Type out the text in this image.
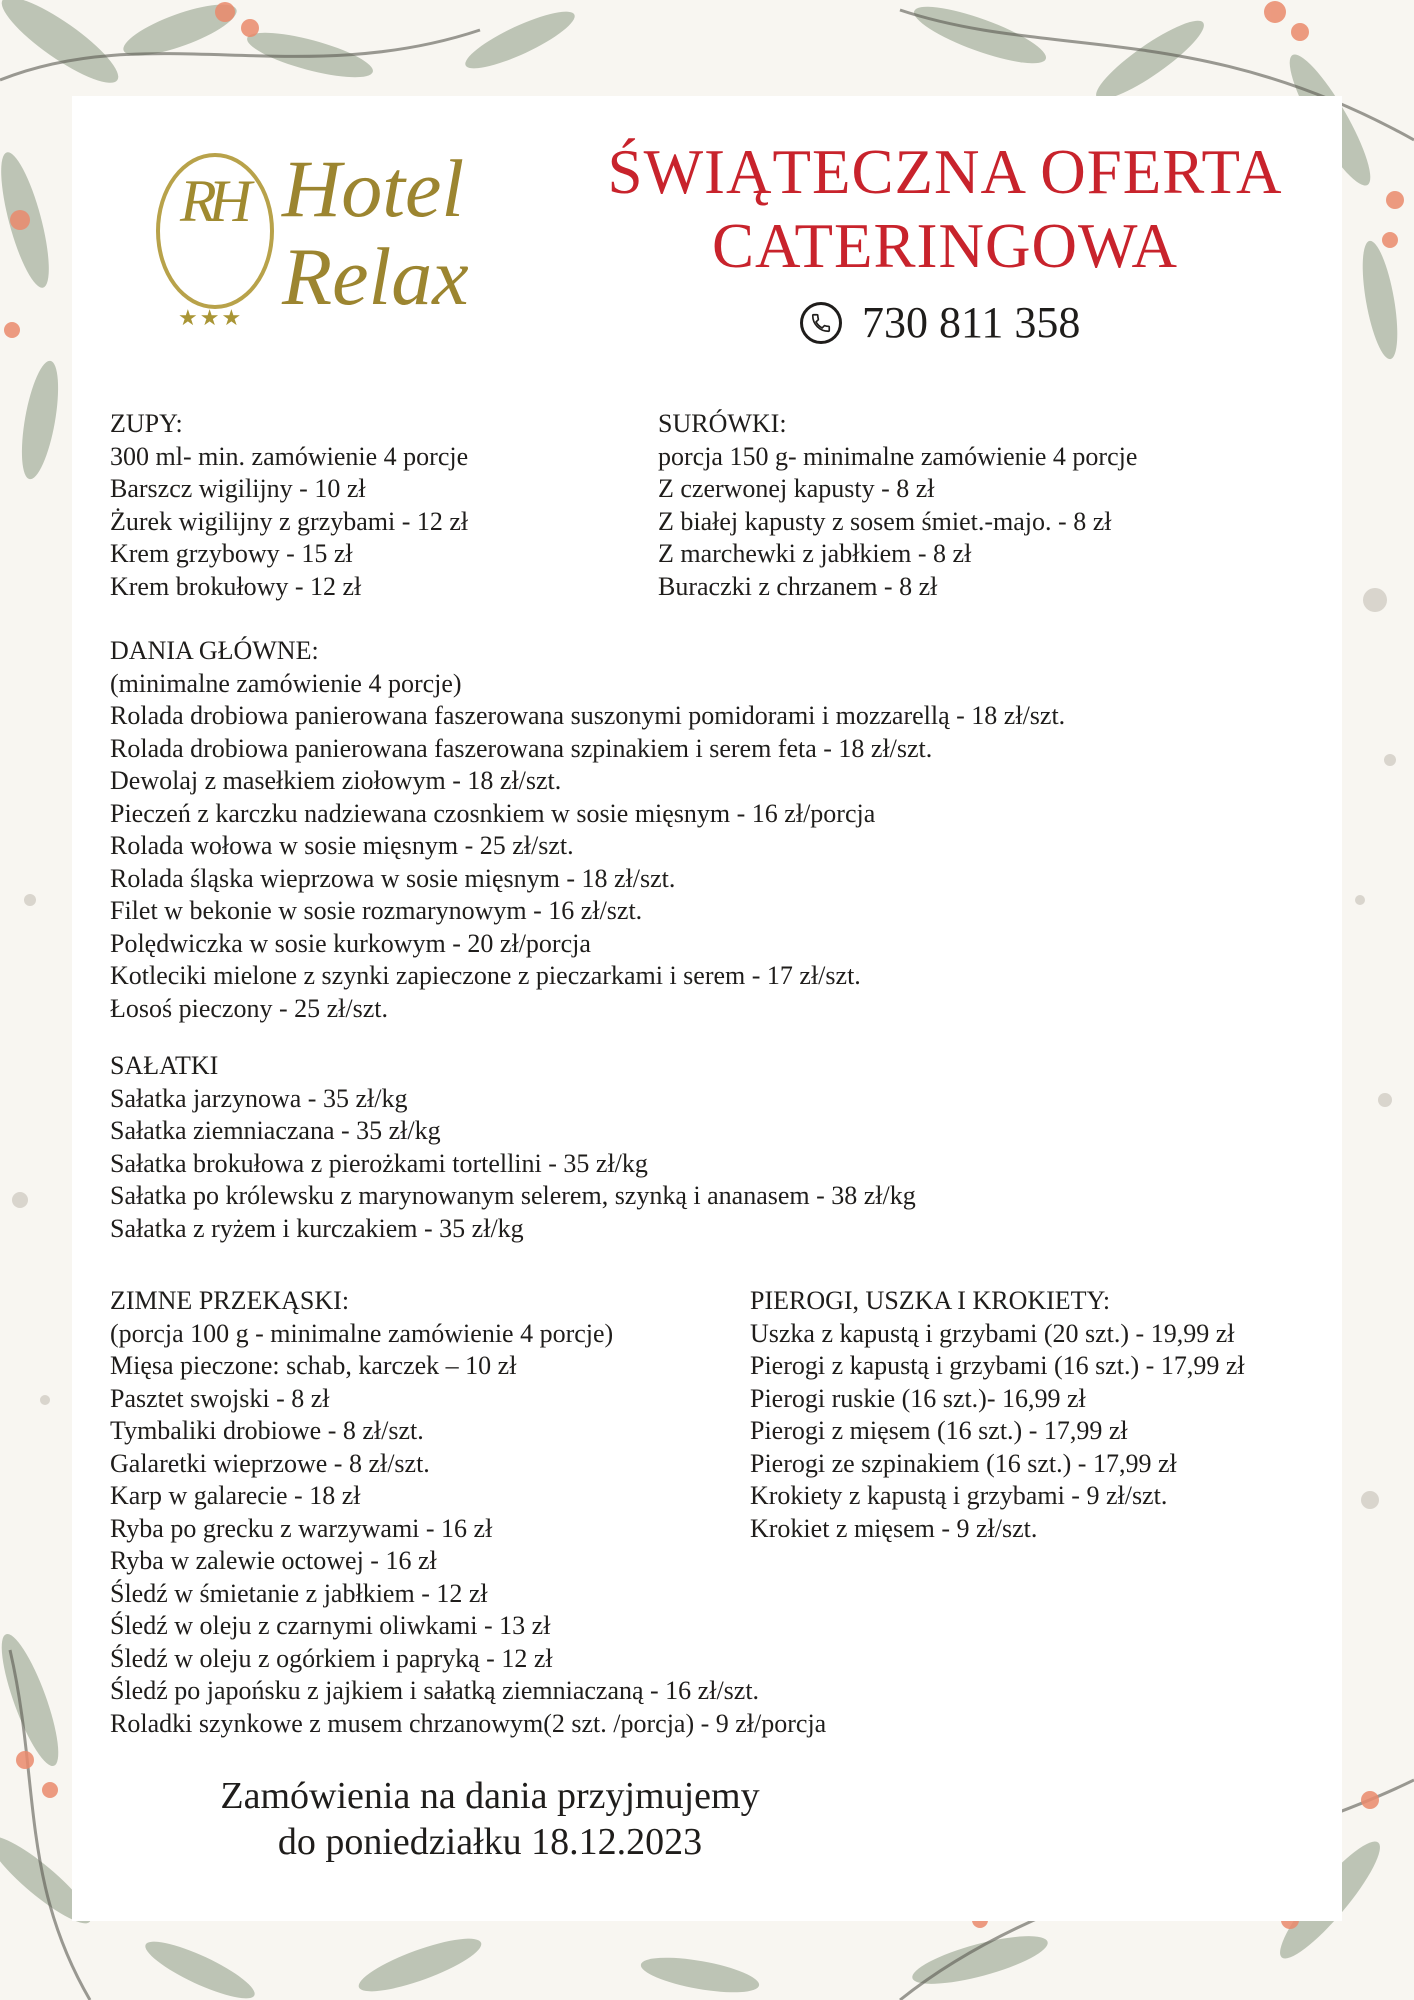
RH
★★★
Hotel
Relax
ŚWIĄTECZNA OFERTA
CATERINGOWA
730 811 358
ZUPY:
300 ml- min. zamówienie 4 porcje
Barszcz wigilijny - 10 zł
Żurek wigilijny z grzybami - 12 zł
Krem grzybowy - 15 zł
Krem brokułowy - 12 zł
SURÓWKI:
porcja 150 g- minimalne zamówienie 4 porcje
Z czerwonej kapusty - 8 zł
Z białej kapusty z sosem śmiet.-majo. - 8 zł
Z marchewki z jabłkiem - 8 zł
Buraczki z chrzanem - 8 zł
DANIA GŁÓWNE:
(minimalne zamówienie 4 porcje)
Rolada drobiowa panierowana faszerowana suszonymi pomidorami i mozzarellą - 18 zł/szt.
Rolada drobiowa panierowana faszerowana szpinakiem i serem feta - 18 zł/szt.
Dewolaj z masełkiem ziołowym - 18 zł/szt.
Pieczeń z karczku nadziewana czosnkiem w sosie mięsnym - 16 zł/porcja
Rolada wołowa w sosie mięsnym - 25 zł/szt.
Rolada śląska wieprzowa w sosie mięsnym - 18 zł/szt.
Filet w bekonie w sosie rozmarynowym - 16 zł/szt.
Polędwiczka w sosie kurkowym - 20 zł/porcja
Kotleciki mielone z szynki zapieczone z pieczarkami i serem - 17 zł/szt.
Łosoś pieczony - 25 zł/szt.
SAŁATKI
Sałatka jarzynowa - 35 zł/kg
Sałatka ziemniaczana - 35 zł/kg
Sałatka brokułowa z pierożkami tortellini - 35 zł/kg
Sałatka po królewsku z marynowanym selerem, szynką i ananasem - 38 zł/kg
Sałatka z ryżem i kurczakiem - 35 zł/kg
ZIMNE PRZEKĄSKI:
(porcja 100 g - minimalne zamówienie 4 porcje)
Mięsa pieczone: schab, karczek – 10 zł
Pasztet swojski - 8 zł
Tymbaliki drobiowe - 8 zł/szt.
Galaretki wieprzowe - 8 zł/szt.
Karp w galarecie - 18 zł
Ryba po grecku z warzywami - 16 zł
Ryba w zalewie octowej - 16 zł
Śledź w śmietanie z jabłkiem - 12 zł
Śledź w oleju z czarnymi oliwkami - 13 zł
Śledź w oleju z ogórkiem i papryką - 12 zł
Śledź po japońsku z jajkiem i sałatką ziemniaczaną - 16 zł/szt.
Roladki szynkowe z musem chrzanowym(2 szt. /porcja) - 9 zł/porcja
PIEROGI, USZKA I KROKIETY:
Uszka z kapustą i grzybami (20 szt.) - 19,99 zł
Pierogi z kapustą i grzybami (16 szt.) - 17,99 zł
Pierogi ruskie (16 szt.)- 16,99 zł
Pierogi z mięsem (16 szt.) - 17,99 zł
Pierogi ze szpinakiem (16 szt.) - 17,99 zł
Krokiety z kapustą i grzybami - 9 zł/szt.
Krokiet z mięsem - 9 zł/szt.
Zamówienia na dania przyjmujemy
do poniedziałku 18.12.2023
